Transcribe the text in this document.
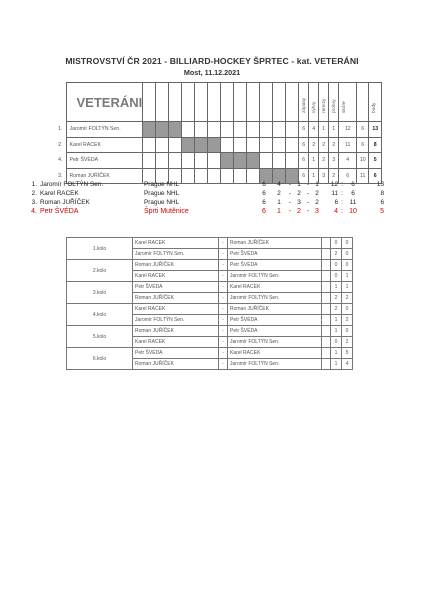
MISTROVSTVÍ ČR 2021 - BILLIARD-HOCKEY ŠPRTEC - kat. VETERÁNI
Most, 11.12.2021
	VETERÁNI													zápasy	výhry	remízy	prohry	skóre		body

1.	Jaromír FOLTÝN Sen.													6	4	1	1	12	6	13
2.	Karel RACEK													6	2	2	2	11	6	8
4.	Petr ŠVÉDA													6	1	2	3	4	10	5
3.	Roman JUŘÍČEK													6	1	3	2	6	11	6
1.	Jaromír FOLTÝN Sen.	Prague NHL	6	4	-	1	-	1	12	:	6	13
2.	Karel RACEK	Prague NHL	6	2	-	2	-	2	11	:	6	8
3.	Roman JUŘÍČEK	Prague NHL	6	1	-	3	-	2	6	:	11	6
4.	Petr ŠVÉDA	Šprti Mutěnice	6	1	-	2	-	3	4	:	10	5
1.kolo	Karel RACEK	-	Roman JUŘÍČEK		0	0
	Jaromír FOLTÝN Sen.	-	Petr ŠVÉDA		2	0
2.kolo	Roman JUŘÍČEK	-	Petr ŠVÉDA		0	0
	Karel RACEK	-	Jaromír FOLTÝN Sen.		0	1
3.kolo	Petr ŠVÉDA	-	Karel RACEK		1	1
	Roman JUŘÍČEK	-	Jaromír FOLTÝN Sen.		2	2
4.kolo	Karel RACEK	-	Roman JUŘÍČEK		2	0
	Jaromír FOLTÝN Sen.	-	Petr ŠVÉDA		1	2
5.kolo	Roman JUŘÍČEK	-	Petr ŠVÉDA		1	0
	Karel RACEK	-	Jaromír FOLTÝN Sen.		0	2
6.kolo	Petr ŠVÉDA	-	Karel RACEK		1	5
	Roman JUŘÍČEK	-	Jaromír FOLTÝN Sen.		1	4
